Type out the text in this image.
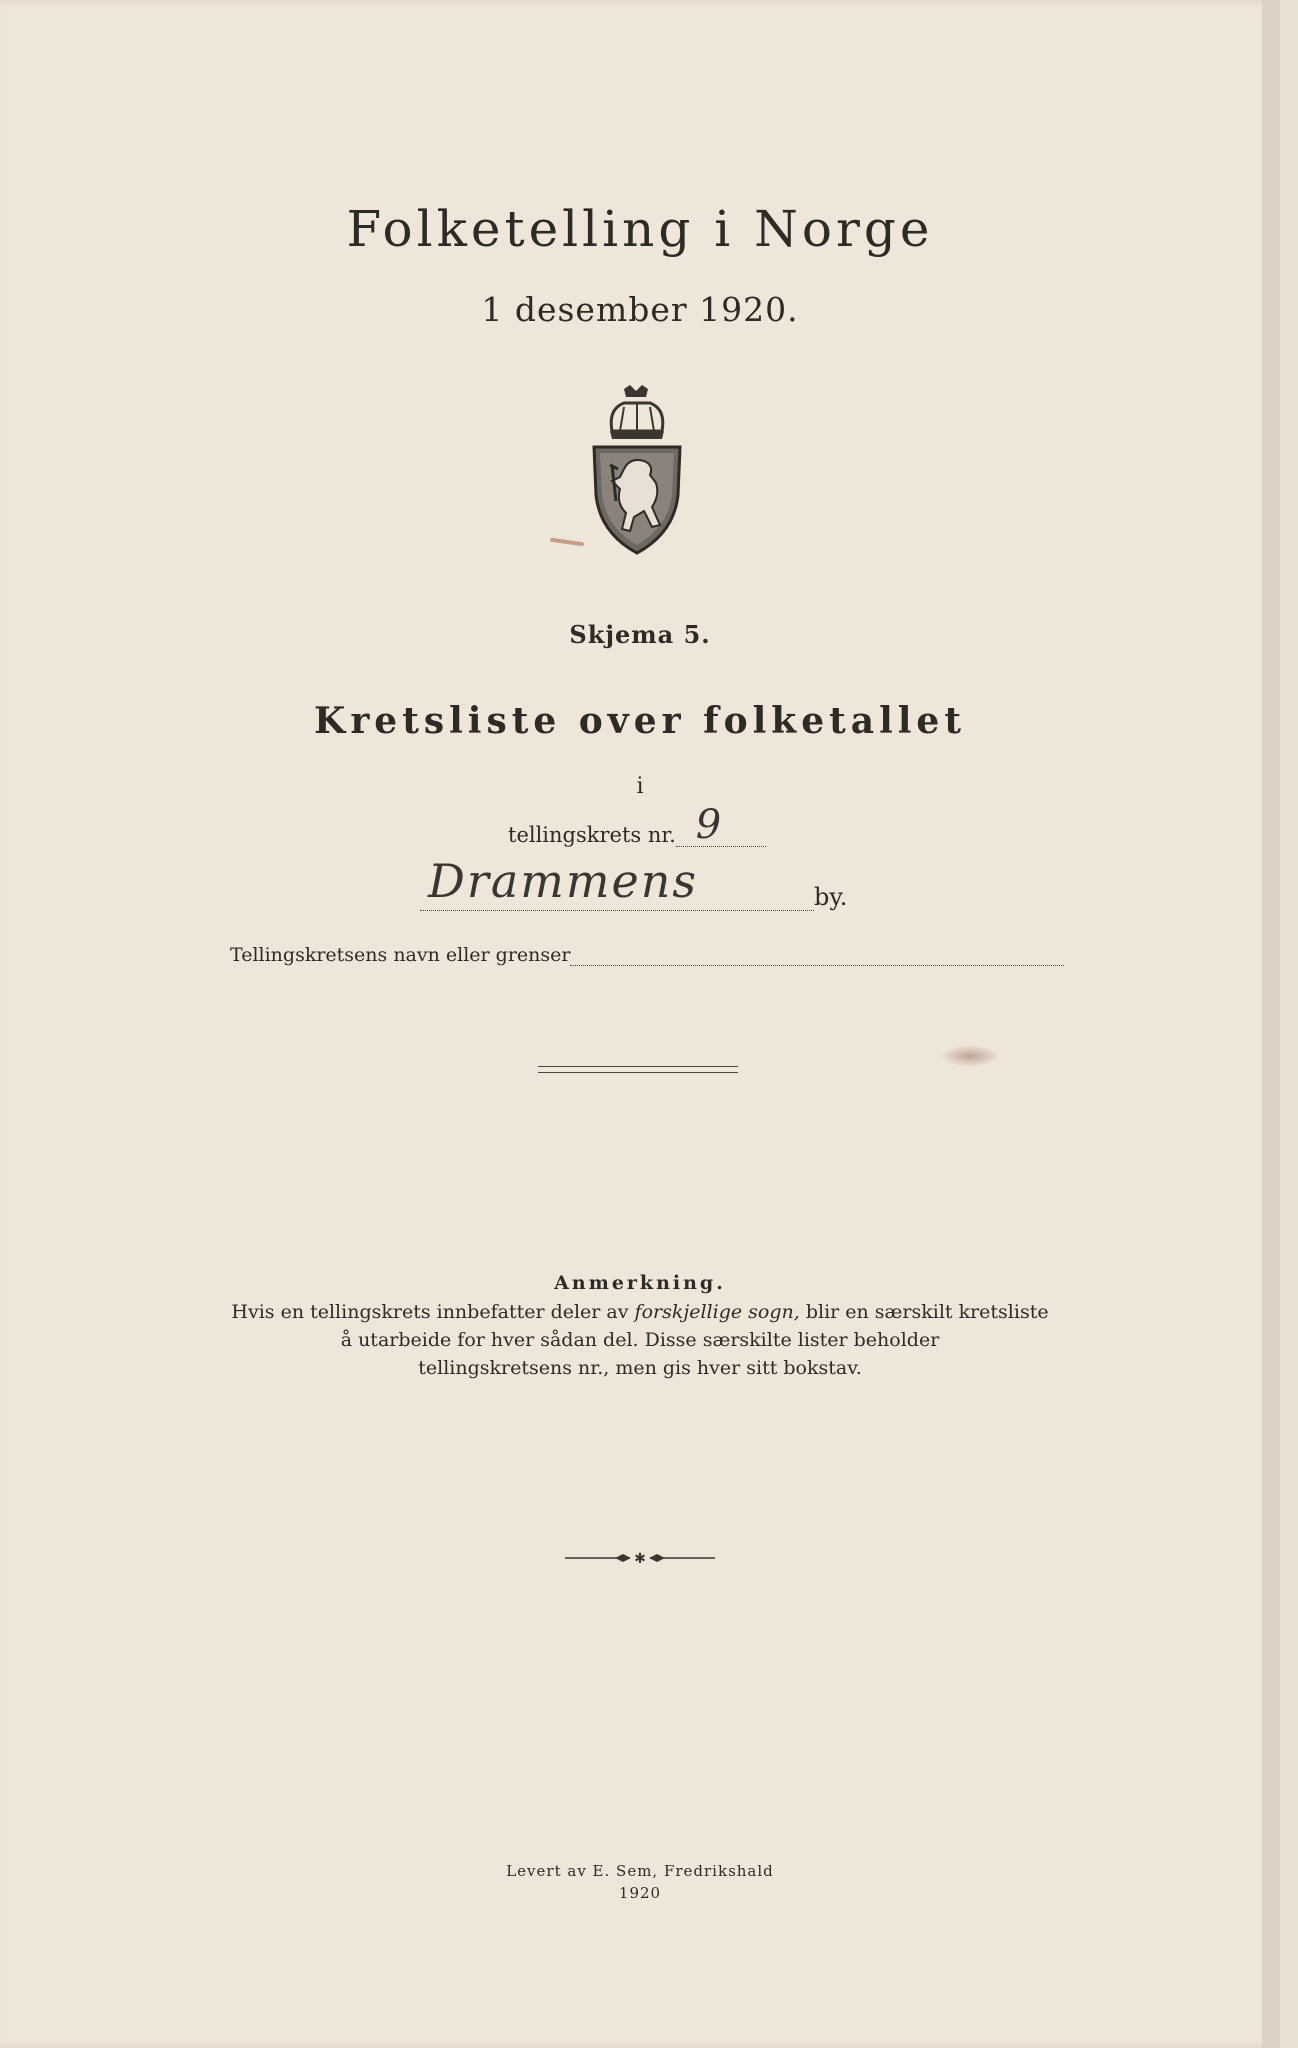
Folketelling i Norge
1 desember 1920.
Skjema 5.
Kretsliste over folketallet
i
tellingskrets nr. 9
Drammens	by.
Tellingskretsens navn eller grenser
Anmerkning.
Hvis en tellingskrets innbefatter deler av forskjellige sogn, blir en særskilt kretsliste
å utarbeide for hver sådan del. Disse særskilte lister beholder
tellingskretsens nr., men gis hver sitt bokstav.
✱
Levert av E. Sem, Fredrikshald
1920
